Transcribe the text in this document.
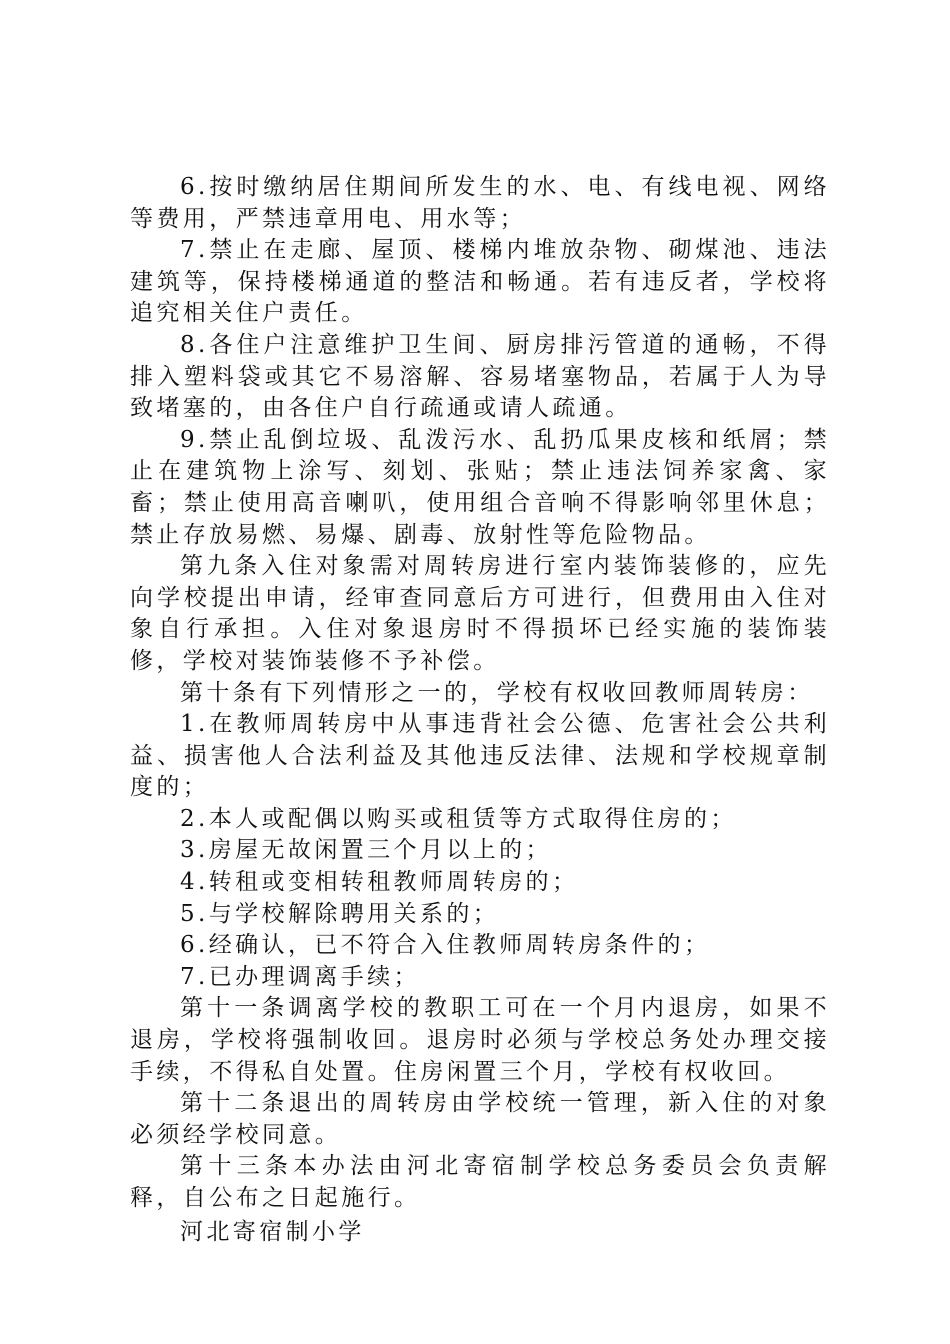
6.按时缴纳居住期间所发生的水、电、有线电视、网络等费用，严禁违章用电、用水等；

7.禁止在走廊、屋顶、楼梯内堆放杂物、砌煤池、违法建筑等，保持楼梯通道的整洁和畅通。若有违反者，学校将追究相关住户责任。

8.各住户注意维护卫生间、厨房排污管道的通畅，不得排入塑料袋或其它不易溶解、容易堵塞物品，若属于人为导致堵塞的，由各住户自行疏通或请人疏通。

9.禁止乱倒垃圾、乱泼污水、乱扔瓜果皮核和纸屑；禁止在建筑物上涂写、刻划、张贴；禁止违法饲养家禽、家畜；禁止使用高音喇叭，使用组合音响不得影响邻里休息；禁止存放易燃、易爆、剧毒、放射性等危险物品。

第九条入住对象需对周转房进行室内装饰装修的，应先向学校提出申请，经审查同意后方可进行，但费用由入住对象自行承担。入住对象退房时不得损坏已经实施的装饰装修，学校对装饰装修不予补偿。

第十条有下列情形之一的，学校有权收回教师周转房：

1.在教师周转房中从事违背社会公德、危害社会公共利益、损害他人合法利益及其他违反法律、法规和学校规章制度的；

2.本人或配偶以购买或租赁等方式取得住房的；

3.房屋无故闲置三个月以上的；

4.转租或变相转租教师周转房的；

5.与学校解除聘用关系的；

6.经确认，已不符合入住教师周转房条件的；

7.已办理调离手续；

第十一条调离学校的教职工可在一个月内退房，如果不退房，学校将强制收回。退房时必须与学校总务处办理交接手续，不得私自处置。住房闲置三个月，学校有权收回。

第十二条退出的周转房由学校统一管理，新入住的对象必须经学校同意。

第十三条本办法由河北寄宿制学校总务委员会负责解释，自公布之日起施行。

河北寄宿制小学
